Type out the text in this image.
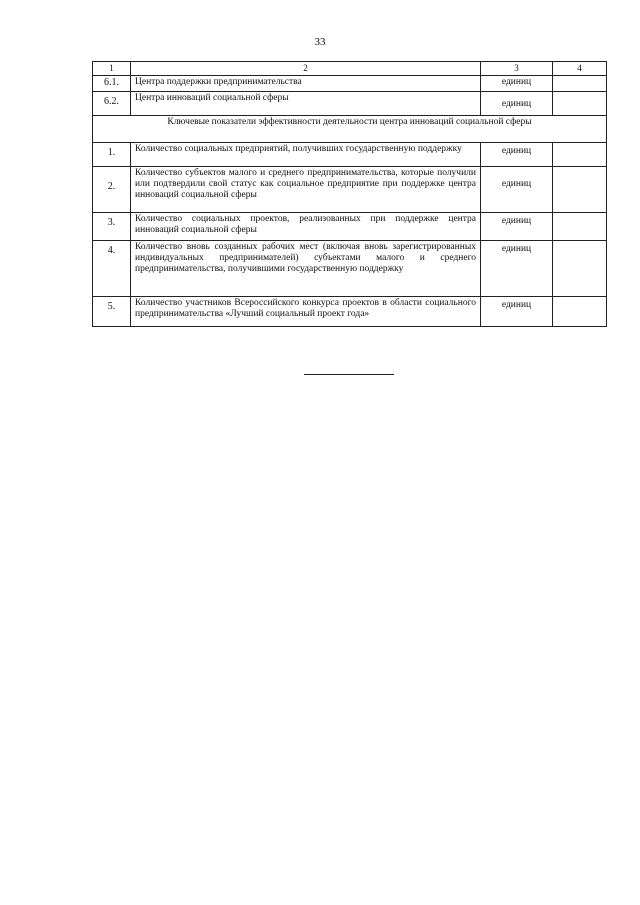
33
1	2	3	4
6.1.	Центра поддержки предпринимательства	единиц	
6.2.	Центра инноваций социальной сферы	единиц	
Ключевые показатели эффективности деятельности центра инноваций социальной сферы			
1.	Количество социальных предприятий, получивших государственную поддержку	единиц	
2.	Количество субъектов малого и среднего предпринимательства, которые получили или подтвердили свой статус как социальное предприятие при поддержке центра инноваций социальной сферы	единиц	
3.	Количество социальных проектов, реализованных при поддержке центра инноваций социальной сферы	единиц	
4.	Количество вновь созданных рабочих мест (включая вновь зарегистрированных индивидуальных предпринимателей) субъектами малого и среднего предпринимательства, получившими государственную поддержку	единиц	
5.	Количество участников Всероссийского конкурса проектов в области социального предпринимательства «Лучший социальный проект года»	единиц	
